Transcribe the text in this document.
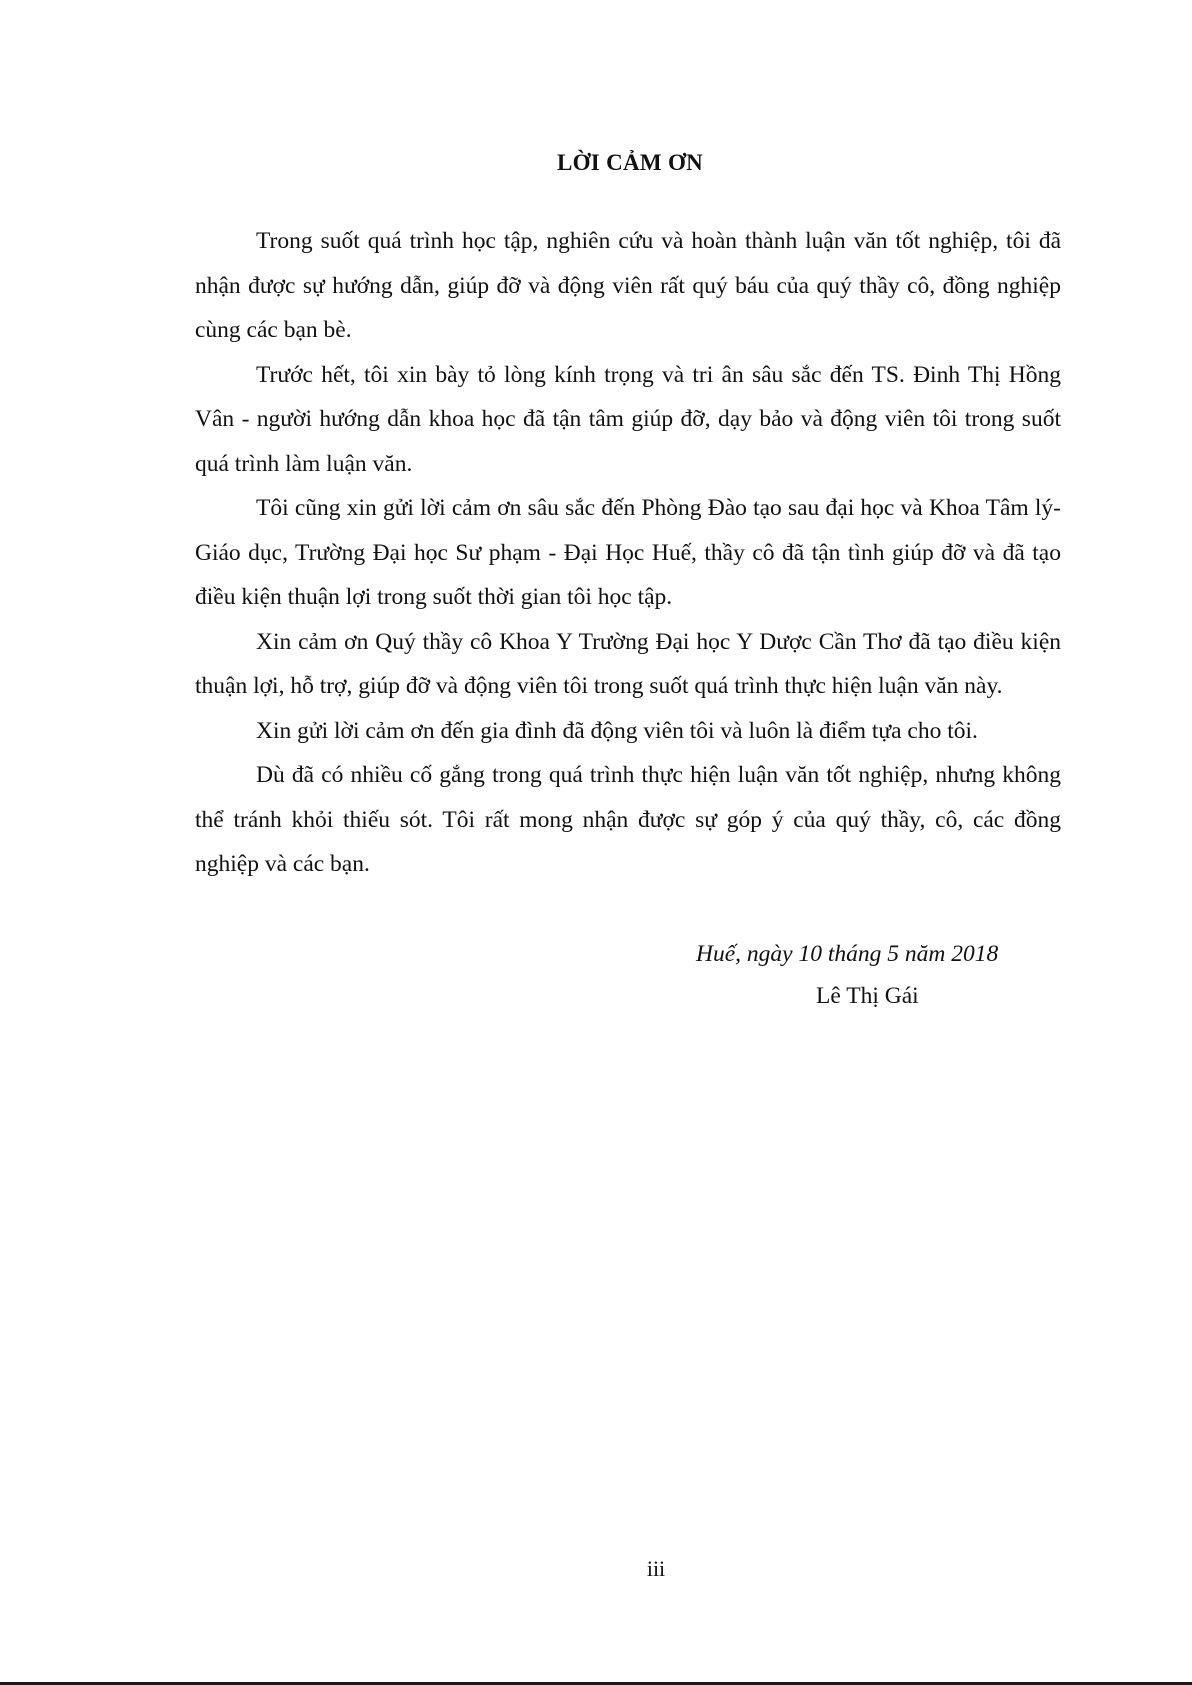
LỜI CẢM ƠN

Trong suốt quá trình học tập, nghiên cứu và hoàn thành luận văn tốt nghiệp, tôi đã nhận được sự hướng dẫn, giúp đỡ và động viên rất quý báu của quý thầy cô, đồng nghiệp cùng các bạn bè.

Trước hết, tôi xin bày tỏ lòng kính trọng và tri ân sâu sắc đến TS. Đinh Thị Hồng Vân - người hướng dẫn khoa học đã tận tâm giúp đỡ, dạy bảo và động viên tôi trong suốt quá trình làm luận văn.

Tôi cũng xin gửi lời cảm ơn sâu sắc đến Phòng Đào tạo sau đại học và Khoa Tâm lý- Giáo dục, Trường Đại học Sư phạm - Đại Học Huế, thầy cô đã tận tình giúp đỡ và đã tạo điều kiện thuận lợi trong suốt thời gian tôi học tập.

Xin cảm ơn Quý thầy cô Khoa Y Trường Đại học Y Dược Cần Thơ đã tạo điều kiện thuận lợi, hỗ trợ, giúp đỡ và động viên tôi trong suốt quá trình thực hiện luận văn này.

Xin gửi lời cảm ơn đến gia đình đã động viên tôi và luôn là điểm tựa cho tôi.

Dù đã có nhiều cố gắng trong quá trình thực hiện luận văn tốt nghiệp, nhưng không thể tránh khỏi thiếu sót. Tôi rất mong nhận được sự góp ý của quý thầy, cô, các đồng nghiệp và các bạn.

Huế, ngày 10 tháng 5 năm 2018
Lê Thị Gái
iii
